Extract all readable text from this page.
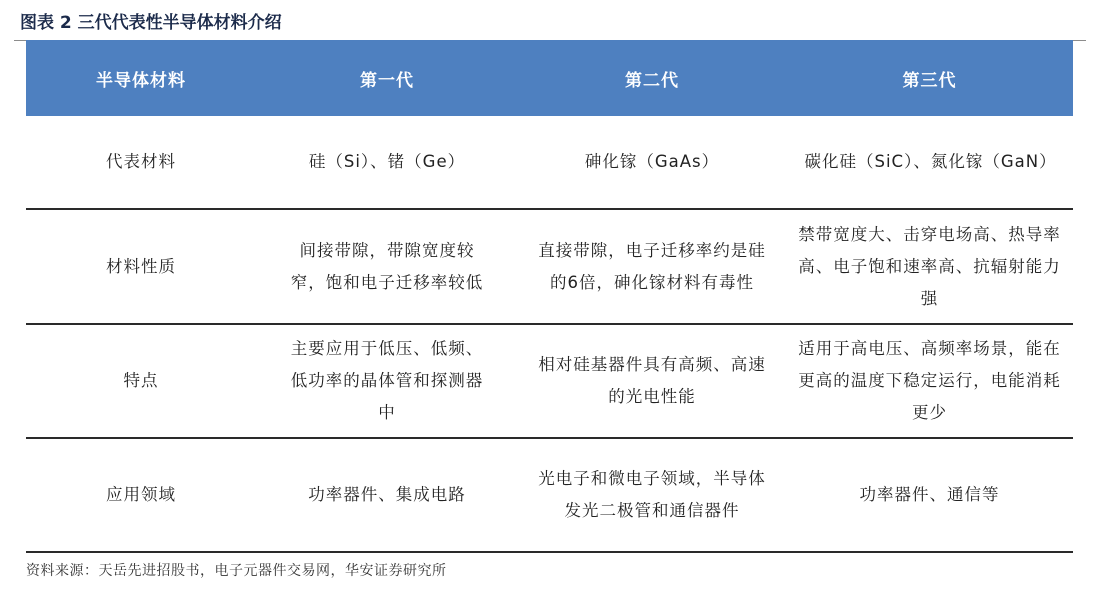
图表 2 三代代表性半导体材料介绍
半导体材料	第一代	第二代	第三代
代表材料	硅（Si）、锗（Ge）	砷化镓（GaAs）	碳化硅（SiC）、氮化镓（GaN）
材料性质	间接带隙，带隙宽度较窄，饱和电子迁移率较低	直接带隙，电子迁移率约是硅的6倍，砷化镓材料有毒性	禁带宽度大、击穿电场高、热导率高、电子饱和速率高、抗辐射能力强
特点	主要应用于低压、低频、低功率的晶体管和探测器中	相对硅基器件具有高频、高速的光电性能	适用于高电压、高频率场景，能在更高的温度下稳定运行，电能消耗更少
应用领域	功率器件、集成电路	光电子和微电子领域，半导体发光二极管和通信器件	功率器件、通信等
资料来源：天岳先进招股书，电子元器件交易网，华安证券研究所
